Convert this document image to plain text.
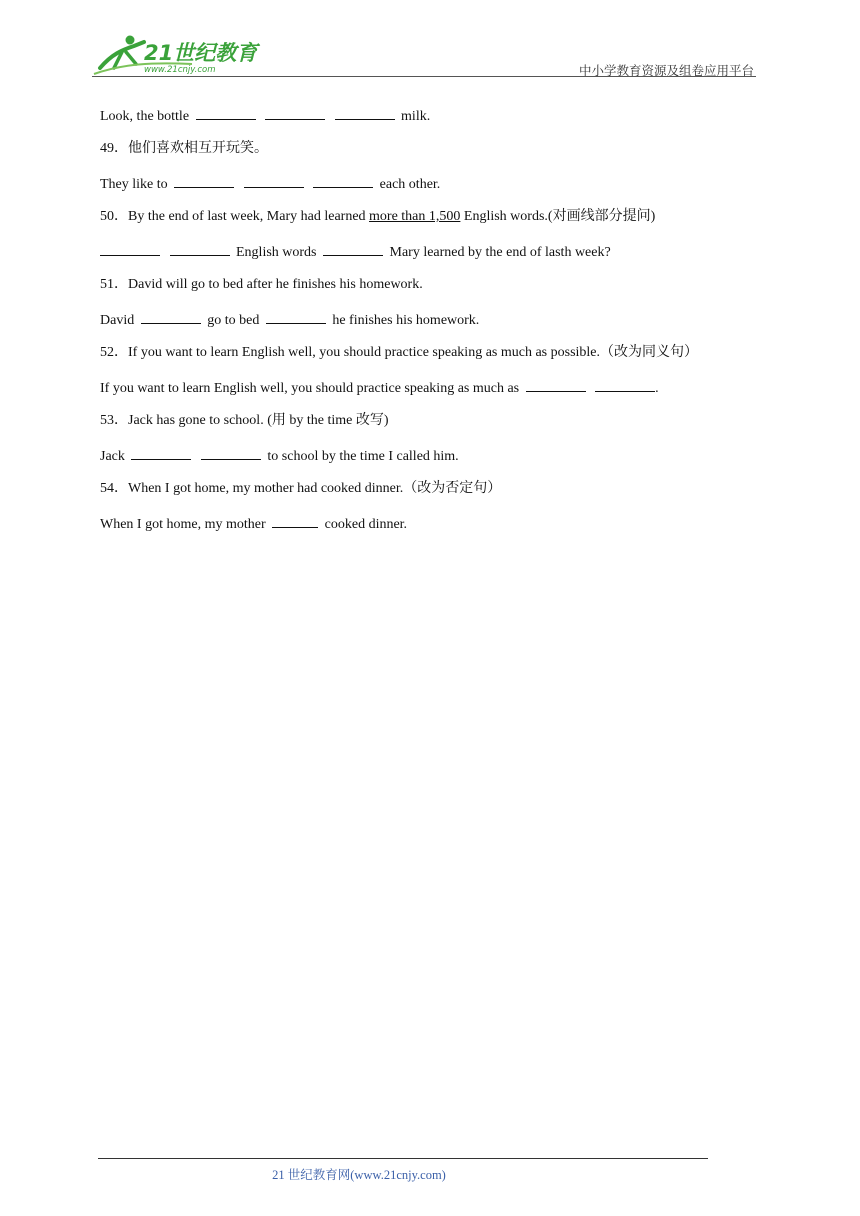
21世纪教育
www.21cnjy.com	中小学教育资源及组卷应用平台
Look, the bottle	milk.
49．他们喜欢相互开玩笑。
They like to	each other.
50．By the end of last week, Mary had learned more than 1,500 English words.(对画线部分提问)
English words	Mary learned by the end of lasth week?
51．David will go to bed after he finishes his homework.
David	go to bed	he finishes his homework.
52．If you want to learn English well, you should practice speaking as much as possible.（改为同义句）
If you want to learn English well, you should practice speaking as much as	.
53．Jack has gone to school. (用 by the time 改写)
Jack	to school by the time I called him.
54．When I got home, my mother had cooked dinner.（改为否定句）
When I got home, my mother	cooked dinner.
21 世纪教育网(www.21cnjy.com)
